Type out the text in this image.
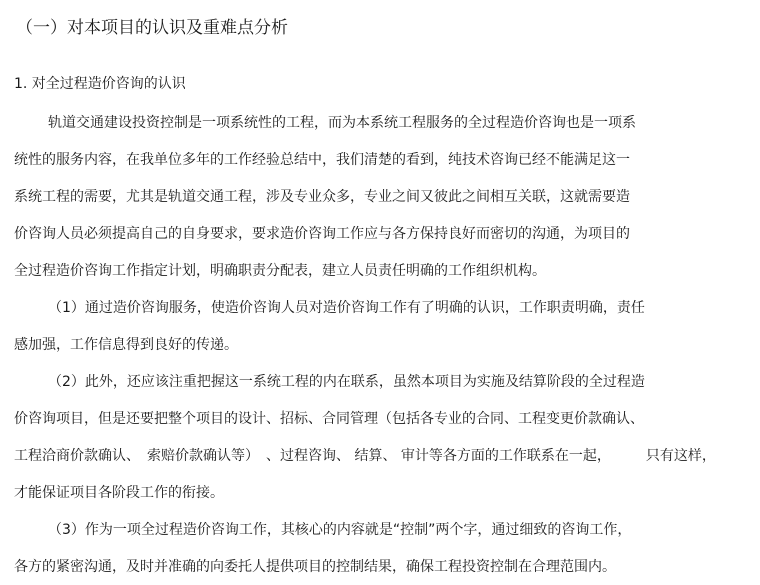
（一）对本项目的认识及重难点分析
1. 对全过程造价咨询的认识
轨道交通建设投资控制是一项系统性的工程，而为本系统工程服务的全过程造价咨询也是一项系
统性的服务内容，在我单位多年的工作经验总结中，我们清楚的看到，纯技术咨询已经不能满足这一
系统工程的需要，尤其是轨道交通工程，涉及专业众多，专业之间又彼此之间相互关联，这就需要造
价咨询人员必须提高自己的自身要求，要求造价咨询工作应与各方保持良好而密切的沟通，为项目的
全过程造价咨询工作指定计划，明确职责分配表，建立人员责任明确的工作组织机构。
（1）通过造价咨询服务，使造价咨询人员对造价咨询工作有了明确的认识，工作职责明确，责任
感加强，工作信息得到良好的传递。
（2）此外，还应该注重把握这一系统工程的内在联系，虽然本项目为实施及结算阶段的全过程造
价咨询项目，但是还要把整个项目的设计、招标、合同管理（包括各专业的合同、工程变更价款确认、
工程洽商价款确认、　索赔价款确认等）　、过程咨询、 结算、 审计等各方面的工作联系在一起，　　　只有这样，
才能保证项目各阶段工作的衔接。
（3）作为一项全过程造价咨询工作，其核心的内容就是“控制”两个字，通过细致的咨询工作，
各方的紧密沟通，及时并准确的向委托人提供项目的控制结果，确保工程投资控制在合理范围内。
